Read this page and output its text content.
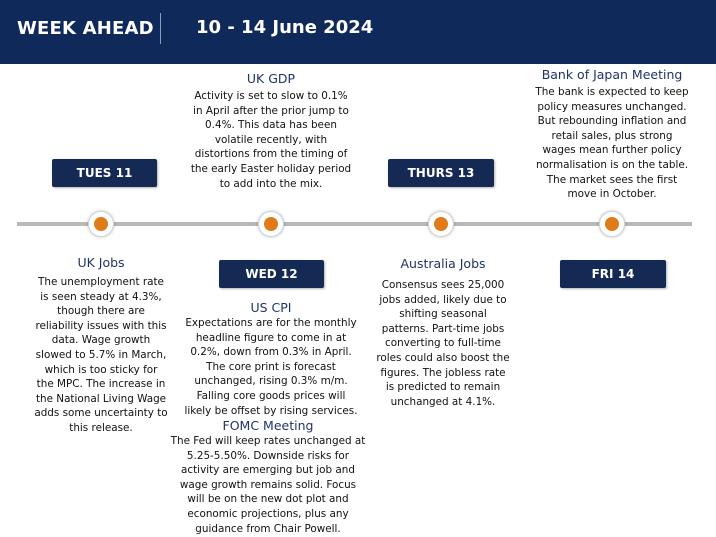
WEEK AHEAD 10 - 14 June 2024
TUES 11
WED 12
THURS 13
FRI 14
UK GDP
Activity is set to slow to 0.1%
in April after the prior jump to
0.4%. This data has been
volatile recently, with
distortions from the timing of
the early Easter holiday period
to add into the mix.
Bank of Japan Meeting
The bank is expected to keep
policy measures unchanged.
But rebounding inflation and
retail sales, plus strong
wages mean further policy
normalisation is on the table.
The market sees the first
move in October.
UK Jobs
The unemployment rate
is seen steady at 4.3%,
though there are
reliability issues with this
data. Wage growth
slowed to 5.7% in March,
which is too sticky for
the MPC. The increase in
the National Living Wage
adds some uncertainty to
this release.
US CPI
Expectations are for the monthly
headline figure to come in at
0.2%, down from 0.3% in April.
The core print is forecast
unchanged, rising 0.3% m/m.
Falling core goods prices will
likely be offset by rising services.
FOMC Meeting
The Fed will keep rates unchanged at
5.25-5.50%. Downside risks for
activity are emerging but job and
wage growth remains solid. Focus
will be on the new dot plot and
economic projections, plus any
guidance from Chair Powell.
Australia Jobs
Consensus sees 25,000
jobs added, likely due to
shifting seasonal
patterns. Part-time jobs
converting to full-time
roles could also boost the
figures. The jobless rate
is predicted to remain
unchanged at 4.1%.
